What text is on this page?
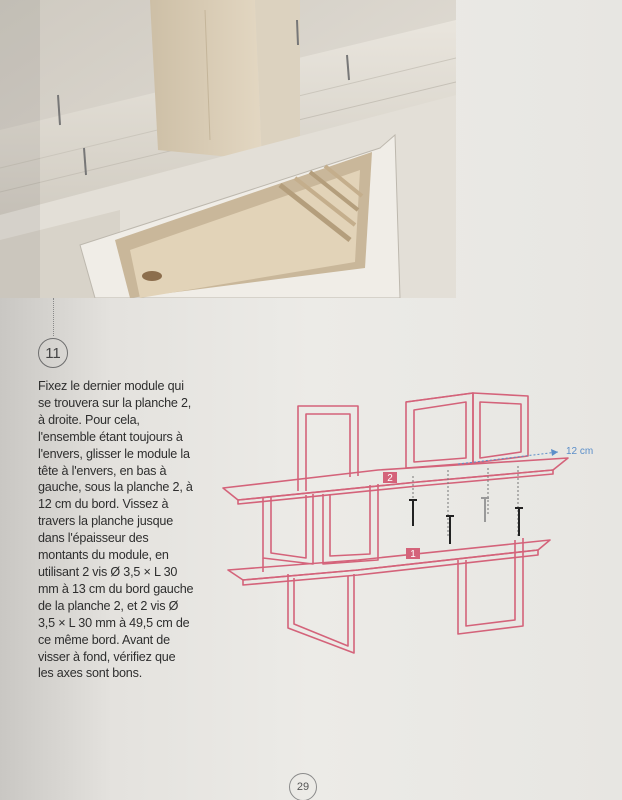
11

Fixez le dernier module qui se trouvera sur la planche 2, à droite. Pour cela, l'ensemble étant toujours à l'envers, glisser le module la tête à l'envers, en bas à gauche, sous la planche 2, à 12 cm du bord. Vissez à travers la planche jusque dans l'épaisseur des montants du module, en utilisant 2 vis Ø 3,5 × L 30 mm à 13 cm du bord gauche de la planche 2, et 2 vis Ø 3,5 × L 30 mm à 49,5 cm de ce même bord. Avant de visser à fond, vérifiez que les axes sont bons.

2
1
12 cm
29
